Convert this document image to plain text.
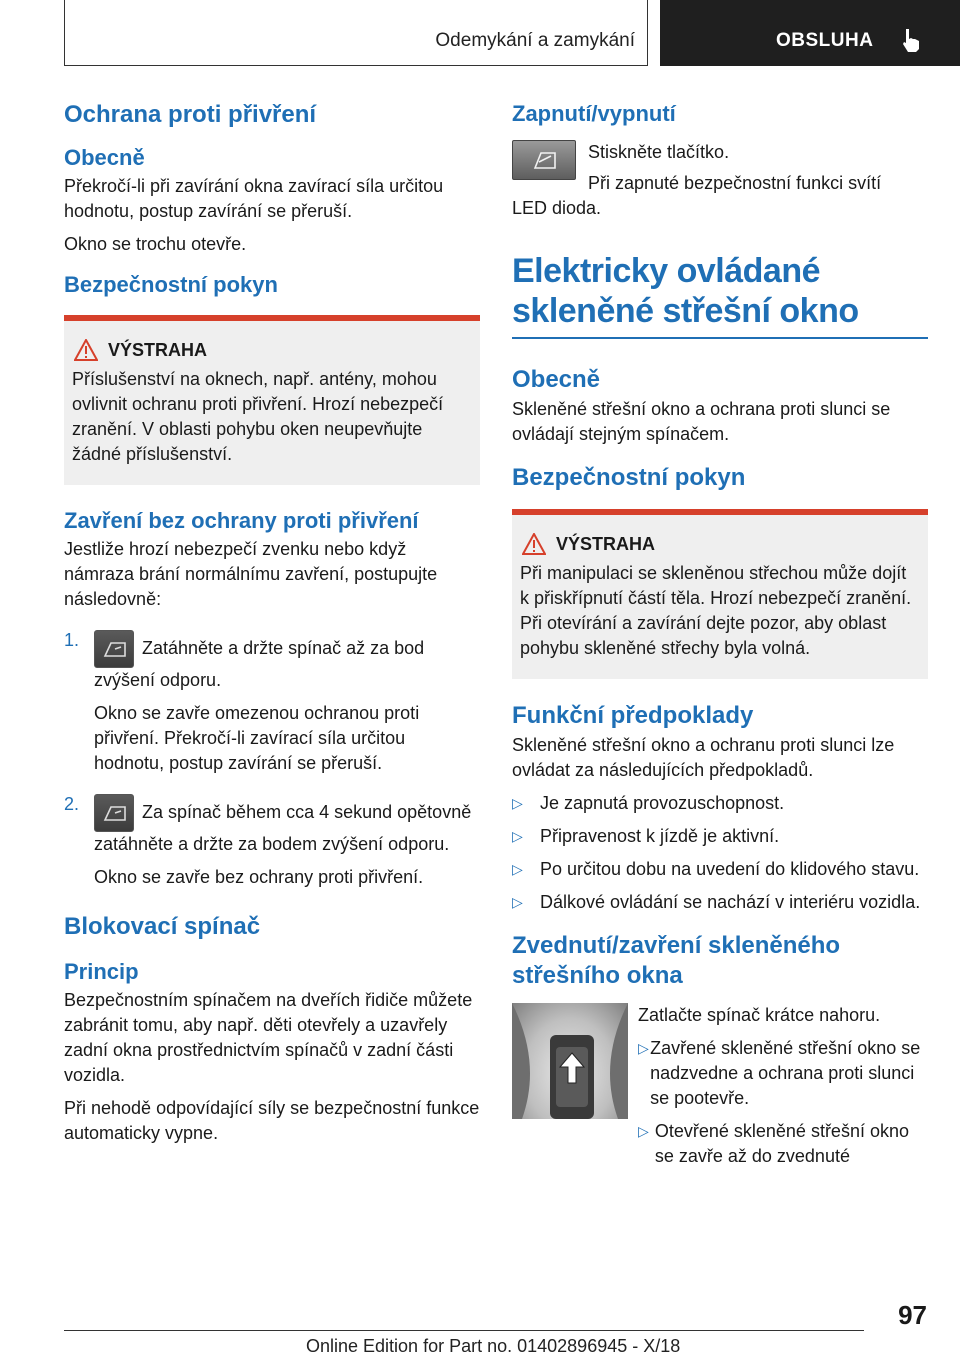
Odemykání a zamykání	OBSLUHA
Ochrana proti přivření
Obecně

Překročí-li při zavírání okna zavírací síla určitou hodnotu, postup zavírání se přeruší.

Okno se trochu otevře.

Bezpečnostní pokyn
VÝSTRAHA

Příslušenství na oknech, např. antény, mohou ovlivnit ochranu proti přivření. Hrozí nebezpečí zranění. V oblasti pohybu oken neupevňujte žádné příslušenství.

Zavření bez ochrany proti přivření

Jestliže hrozí nebezpečí zvenku nebo když námraza brání normálnímu zavření, postupujte následovně:

1.	Zatáhněte a držte spínač až za bod zvýšení odporu.

Okno se zavře omezenou ochranou proti přivření. Překročí-li zavírací síla určitou hodnotu, postup zavírání se přeruší.

2.	Za spínač během cca 4 sekund opětovně zatáhněte a držte za bodem zvýšení odporu.

Okno se zavře bez ochrany proti přivření.

Blokovací spínač
Princip

Bezpečnostním spínačem na dveřích řidiče můžete zabránit tomu, aby např. děti otevřely a uzavřely zadní okna prostřednictvím spínačů v zadní části vozidla.

Při nehodě odpovídající síly se bezpečnostní funkce automaticky vypne.

Zapnutí/vypnutí

Stiskněte tlačítko.

Při zapnuté bezpečnostní funkci svítí

LED dioda.

Elektricky ovládané skleněné střešní okno
Obecně

Skleněné střešní okno a ochrana proti slunci se ovládají stejným spínačem.

Bezpečnostní pokyn
VÝSTRAHA

Při manipulaci se skleněnou střechou může dojít k přiskřípnutí částí těla. Hrozí nebezpečí zranění. Při otevírání a zavírání dejte pozor, aby oblast pohybu skleněné střechy byla volná.

Funkční předpoklady

Skleněné střešní okno a ochranu proti slunci lze ovládat za následujících předpokladů.

▷ Je zapnutá provozuschopnost.

▷ Připravenost k jízdě je aktivní.

▷ Po určitou dobu na uvedení do klidového stavu.

▷ Dálkové ovládání se nachází v interiéru vozidla.

Zvednutí/zavření skleněného střešního okna

Zatlačte spínač krátce nahoru.

▷ Zavřené skleněné střešní okno se nadzvedne a ochrana proti slunci se pootevře.

▷ Otevřené skleněné střešní okno se zavře až do zvednuté

97
Online Edition for Part no. 01402896945 - X/18
